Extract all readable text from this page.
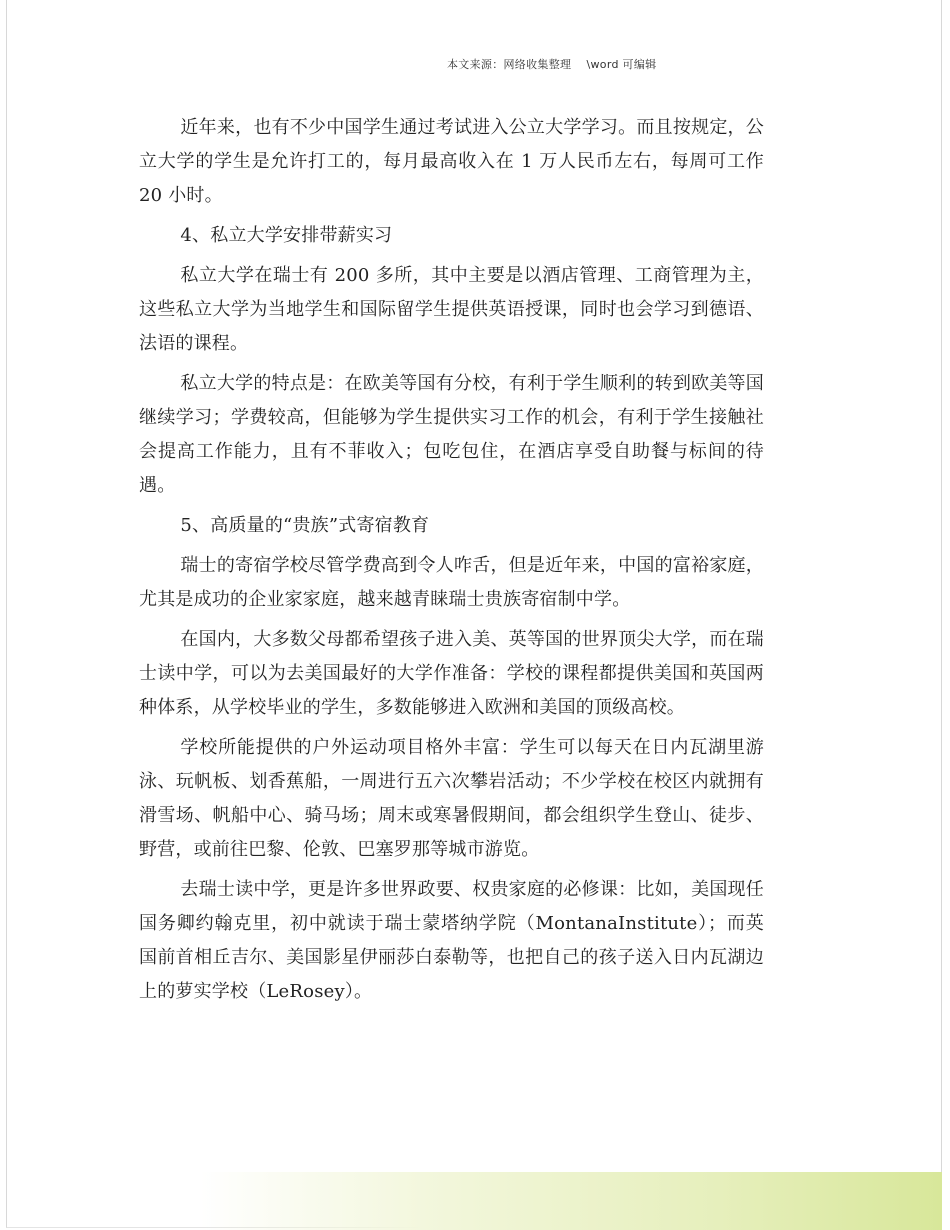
本文来源：网络收集整理    \word 可编辑

近年来，也有不少中国学生通过考试进入公立大学学习。而且按规定，公立大学的学生是允许打工的，每月最高收入在 1 万人民币左右，每周可工作 20 小时。

4、私立大学安排带薪实习

私立大学在瑞士有 200 多所，其中主要是以酒店管理、工商管理为主，这些私立大学为当地学生和国际留学生提供英语授课，同时也会学习到德语、法语的课程。

私立大学的特点是：在欧美等国有分校，有利于学生顺利的转到欧美等国继续学习；学费较高，但能够为学生提供实习工作的机会，有利于学生接触社会提高工作能力，且有不菲收入；包吃包住，在酒店享受自助餐与标间的待遇。

5、高质量的“贵族”式寄宿教育

瑞士的寄宿学校尽管学费高到令人咋舌，但是近年来，中国的富裕家庭，尤其是成功的企业家家庭，越来越青睐瑞士贵族寄宿制中学。

在国内，大多数父母都希望孩子进入美、英等国的世界顶尖大学，而在瑞士读中学，可以为去美国最好的大学作准备：学校的课程都提供美国和英国两种体系，从学校毕业的学生，多数能够进入欧洲和美国的顶级高校。

学校所能提供的户外运动项目格外丰富：学生可以每天在日内瓦湖里游泳、玩帆板、划香蕉船，一周进行五六次攀岩活动；不少学校在校区内就拥有滑雪场、帆船中心、骑马场；周末或寒暑假期间，都会组织学生登山、徒步、野营，或前往巴黎、伦敦、巴塞罗那等城市游览。

去瑞士读中学，更是许多世界政要、权贵家庭的必修课：比如，美国现任国务卿约翰克里，初中就读于瑞士蒙塔纳学院（MontanaInstitute）；而英国前首相丘吉尔、美国影星伊丽莎白泰勒等，也把自己的孩子送入日内瓦湖边上的萝实学校（LeRosey）。
